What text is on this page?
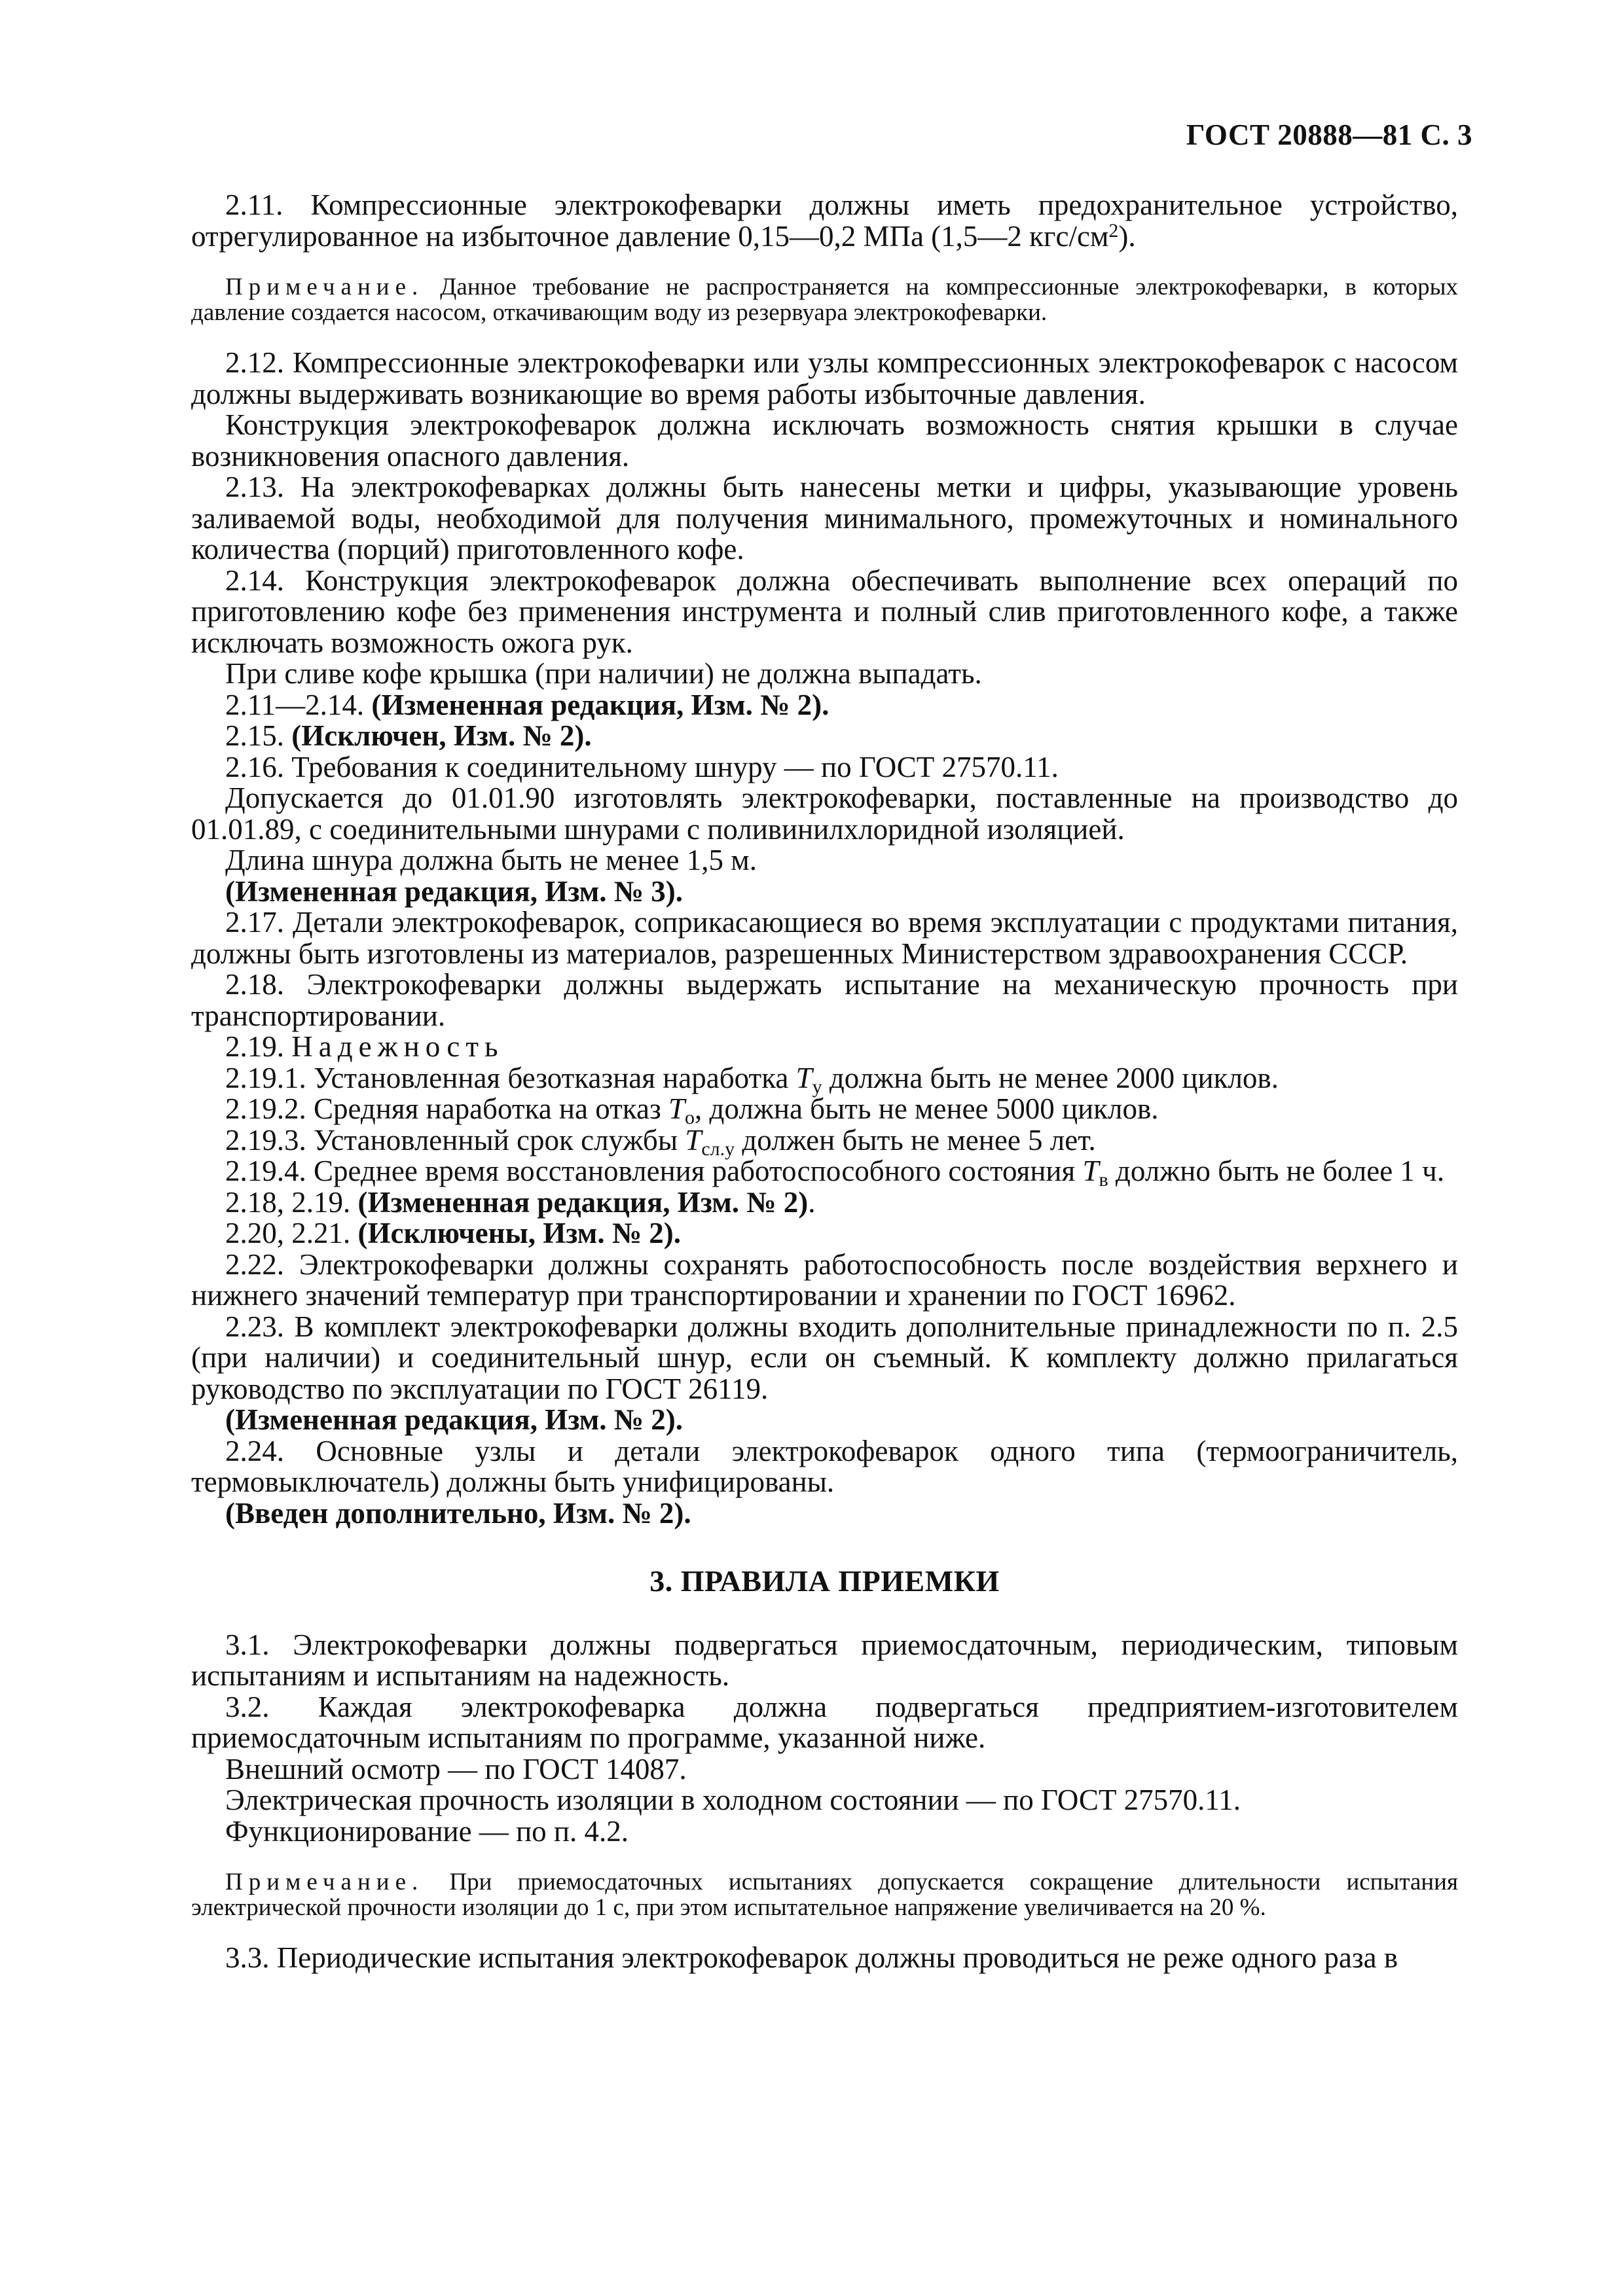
ГОСТ 20888—81 С. 3

2.11. Компрессионные электрокофеварки должны иметь предохранительное устройство, отрегулированное на избыточное давление 0,15—0,2 МПа (1,5—2 кгс/$см^2$).

Примечание. Данное требование не распространяется на компрессионные электрокофеварки, в которых давление создается насосом, откачивающим воду из резервуара электрокофеварки.

2.12. Компрессионные электрокофеварки или узлы компрессионных электрокофеварок с насосом должны выдерживать возникающие во время работы избыточные давления.

Конструкция электрокофеварок должна исключать возможность снятия крышки в случае возникновения опасного давления.

2.13. На электрокофеварках должны быть нанесены метки и цифры, указывающие уровень заливаемой воды, необходимой для получения минимального, промежуточных и номинального количества (порций) приготовленного кофе.

2.14. Конструкция электрокофеварок должна обеспечивать выполнение всех операций по приготовлению кофе без применения инструмента и полный слив приготовленного кофе, а также исключать возможность ожога рук.

При сливе кофе крышка (при наличии) не должна выпадать.

2.11—2.14. (Измененная редакция, Изм. № 2).

2.15. (Исключен, Изм. № 2).

2.16. Требования к соединительному шнуру — по ГОСТ 27570.11.

Допускается до 01.01.90 изготовлять электрокофеварки, поставленные на производство до 01.01.89, с соединительными шнурами с поливинилхлоридной изоляцией.

Длина шнура должна быть не менее 1,5 м.

(Измененная редакция, Изм. № 3).

2.17. Детали электрокофеварок, соприкасающиеся во время эксплуатации с продуктами питания, должны быть изготовлены из материалов, разрешенных Министерством здравоохранения СССР.

2.18. Электрокофеварки должны выдержать испытание на механическую прочность при транспортировании.

2.19. Надежность

2.19.1. Установленная безотказная наработка $T_у$ должна быть не менее 2000 циклов.

2.19.2. Средняя наработка на отказ $T_о$, должна быть не менее 5000 циклов.

2.19.3. Установленный срок службы $T_{сл.у}$ должен быть не менее 5 лет.

2.19.4. Среднее время восстановления работоспособного состояния $T_в$ должно быть не более 1 ч.

2.18, 2.19. (Измененная редакция, Изм. № 2).

2.20, 2.21. (Исключены, Изм. № 2).

2.22. Электрокофеварки должны сохранять работоспособность после воздействия верхнего и нижнего значений температур при транспортировании и хранении по ГОСТ 16962.

2.23. В комплект электрокофеварки должны входить дополнительные принадлежности по п. 2.5 (при наличии) и соединительный шнур, если он съемный. К комплекту должно прилагаться руководство по эксплуатации по ГОСТ 26119.

(Измененная редакция, Изм. № 2).

2.24. Основные узлы и детали электрокофеварок одного типа (термоограничитель, термовыключатель) должны быть унифицированы.

(Введен дополнительно, Изм. № 2).

3. ПРАВИЛА ПРИЕМКИ

3.1. Электрокофеварки должны подвергаться приемосдаточным, периодическим, типовым испытаниям и испытаниям на надежность.

3.2. Каждая электрокофеварка должна подвергаться предприятием-изготовителем приемосдаточным испытаниям по программе, указанной ниже.

Внешний осмотр — по ГОСТ 14087.

Электрическая прочность изоляции в холодном состоянии — по ГОСТ 27570.11.

Функционирование — по п. 4.2.

Примечание. При приемосдаточных испытаниях допускается сокращение длительности испытания электрической прочности изоляции до 1 с, при этом испытательное напряжение увеличивается на 20 %.

3.3. Периодические испытания электрокофеварок должны проводиться не реже одного раза в
